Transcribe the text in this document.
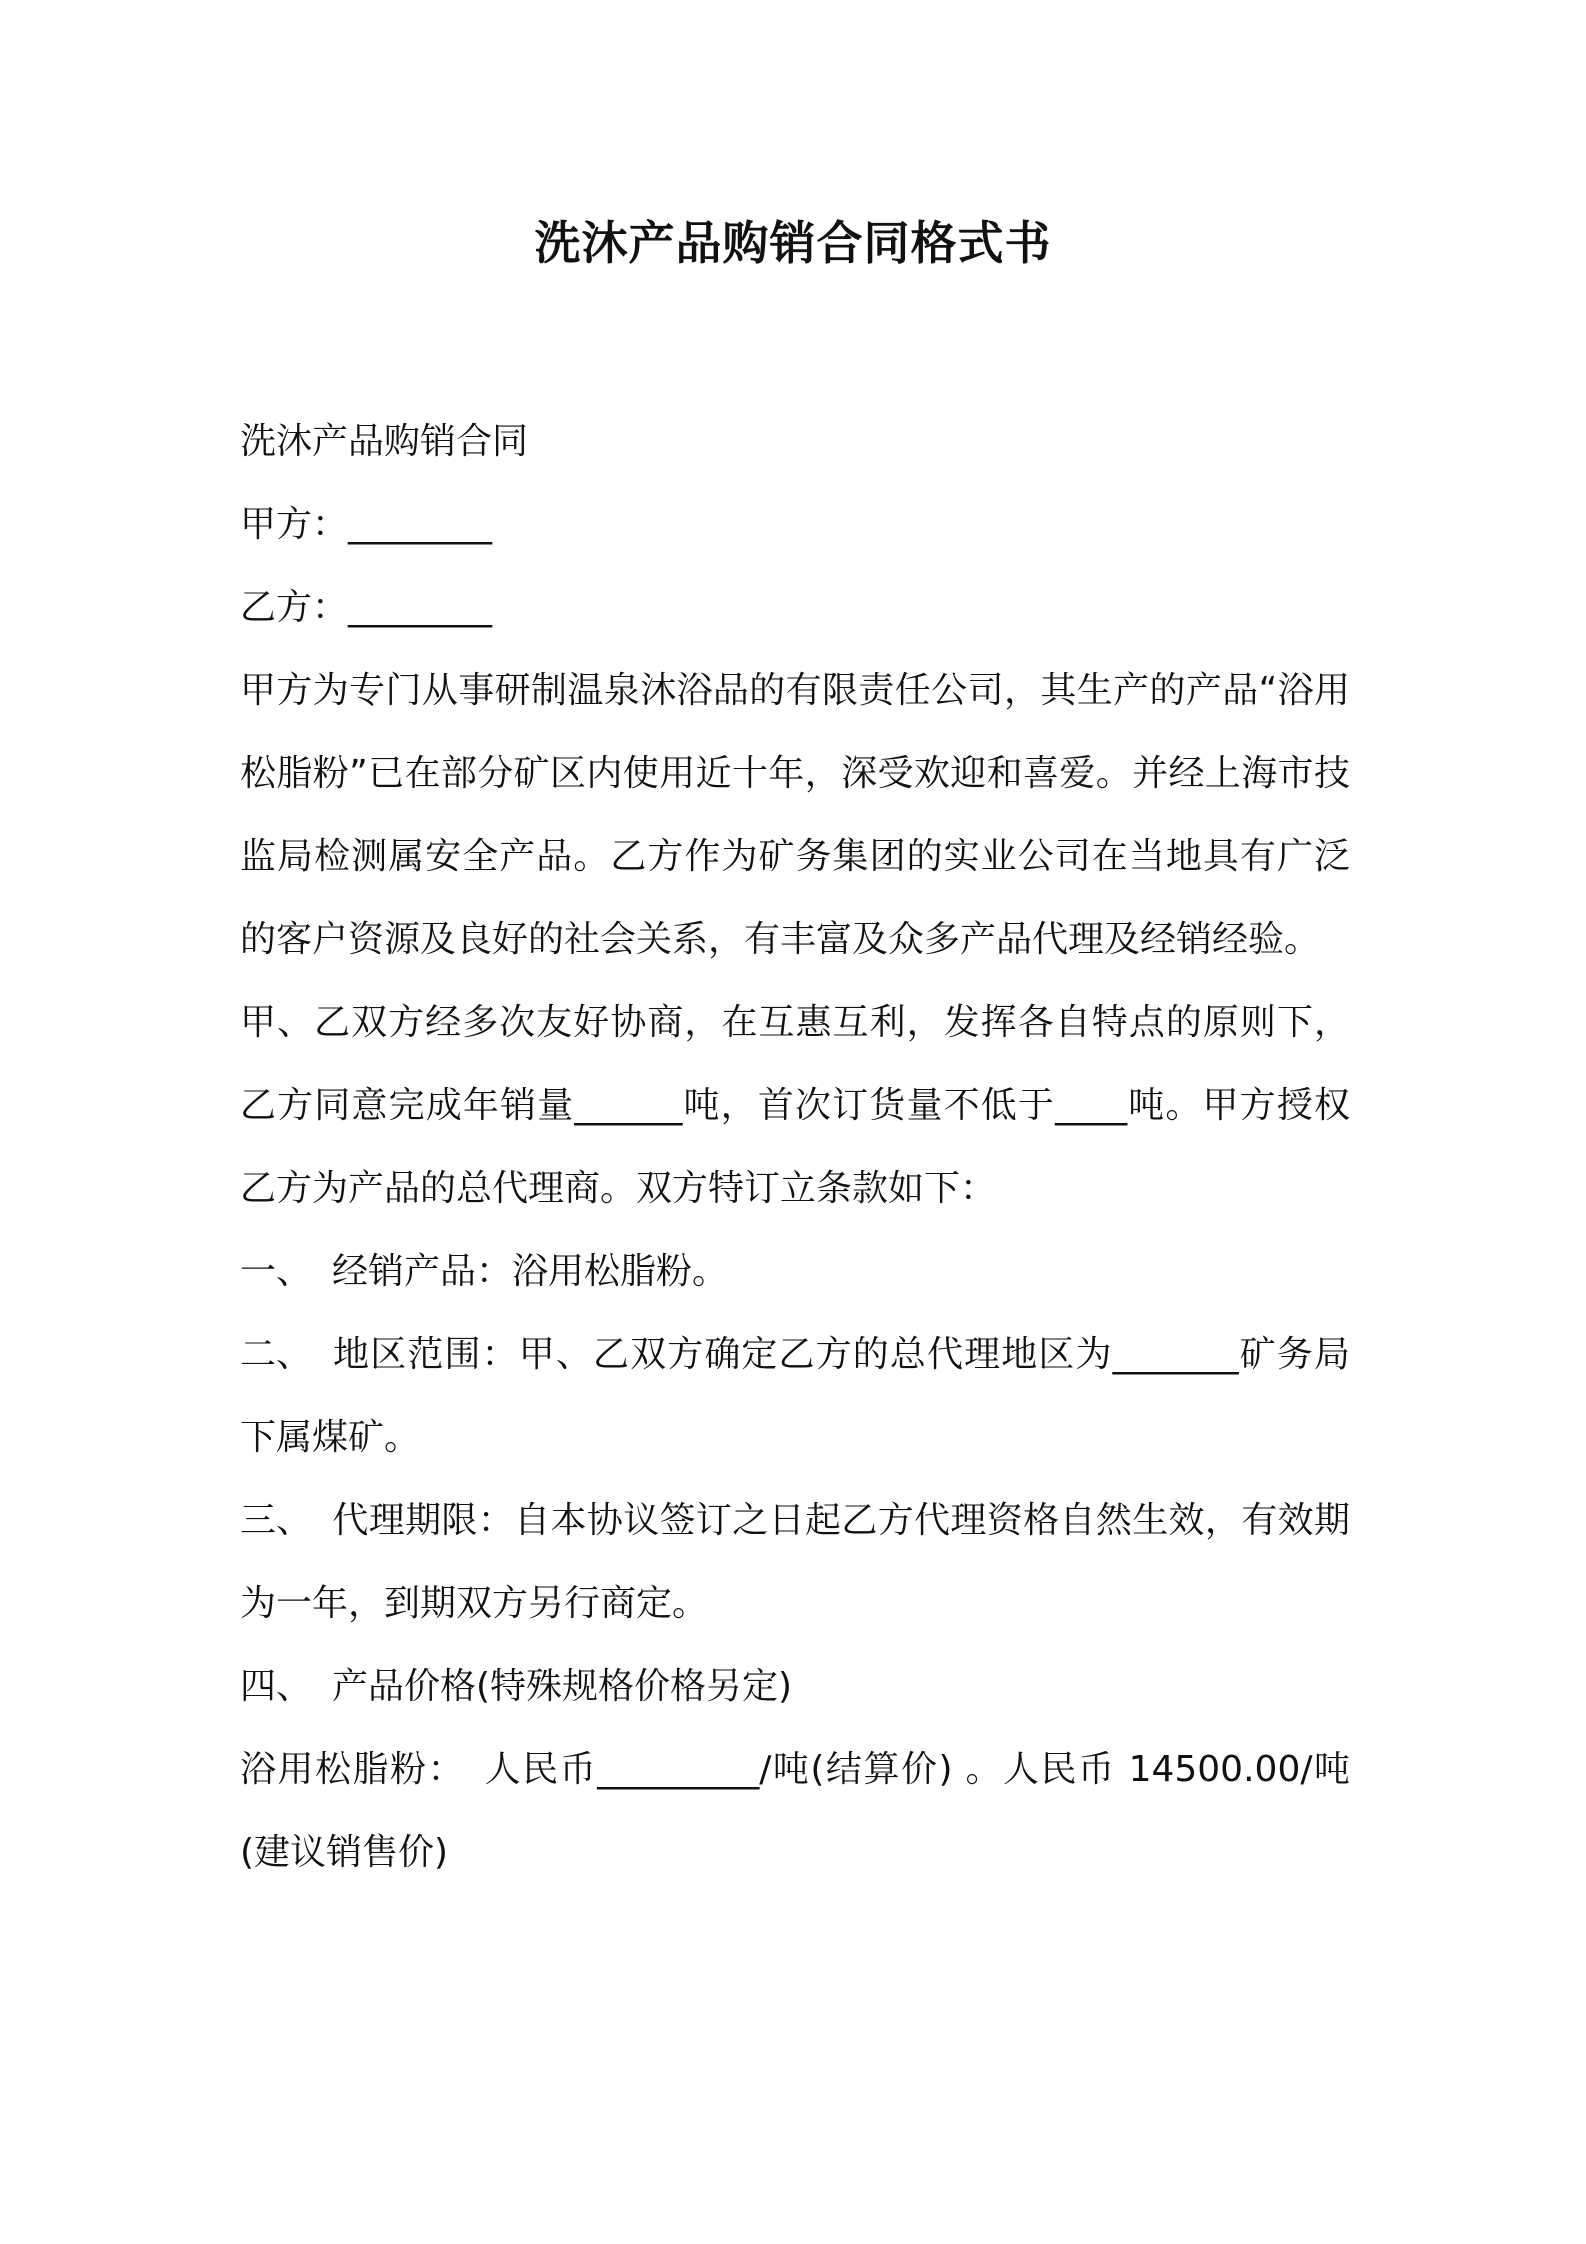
洗沐产品购销合同格式书

洗沐产品购销合同

甲方：________

乙方：________

甲方为专门从事研制温泉沐浴品的有限责任公司，其生产的产品“浴用松脂粉”已在部分矿区内使用近十年，深受欢迎和喜爱。并经上海市技监局检测属安全产品。乙方作为矿务集团的实业公司在当地具有广泛的客户资源及良好的社会关系，有丰富及众多产品代理及经销经验。

甲、乙双方经多次友好协商，在互惠互利，发挥各自特点的原则下，乙方同意完成年销量______吨，首次订货量不低于____吨。甲方授权乙方为产品的总代理商。双方特订立条款如下：

一、 经销产品：浴用松脂粉。

二、 地区范围：甲、乙双方确定乙方的总代理地区为_______矿务局下属煤矿。

三、 代理期限：自本协议签订之日起乙方代理资格自然生效，有效期为一年，到期双方另行商定。

四、 产品价格(特殊规格价格另定)

浴用松脂粉：　人民币_________/吨(结算价) 。人民币 14500.00/吨(建议销售价)
